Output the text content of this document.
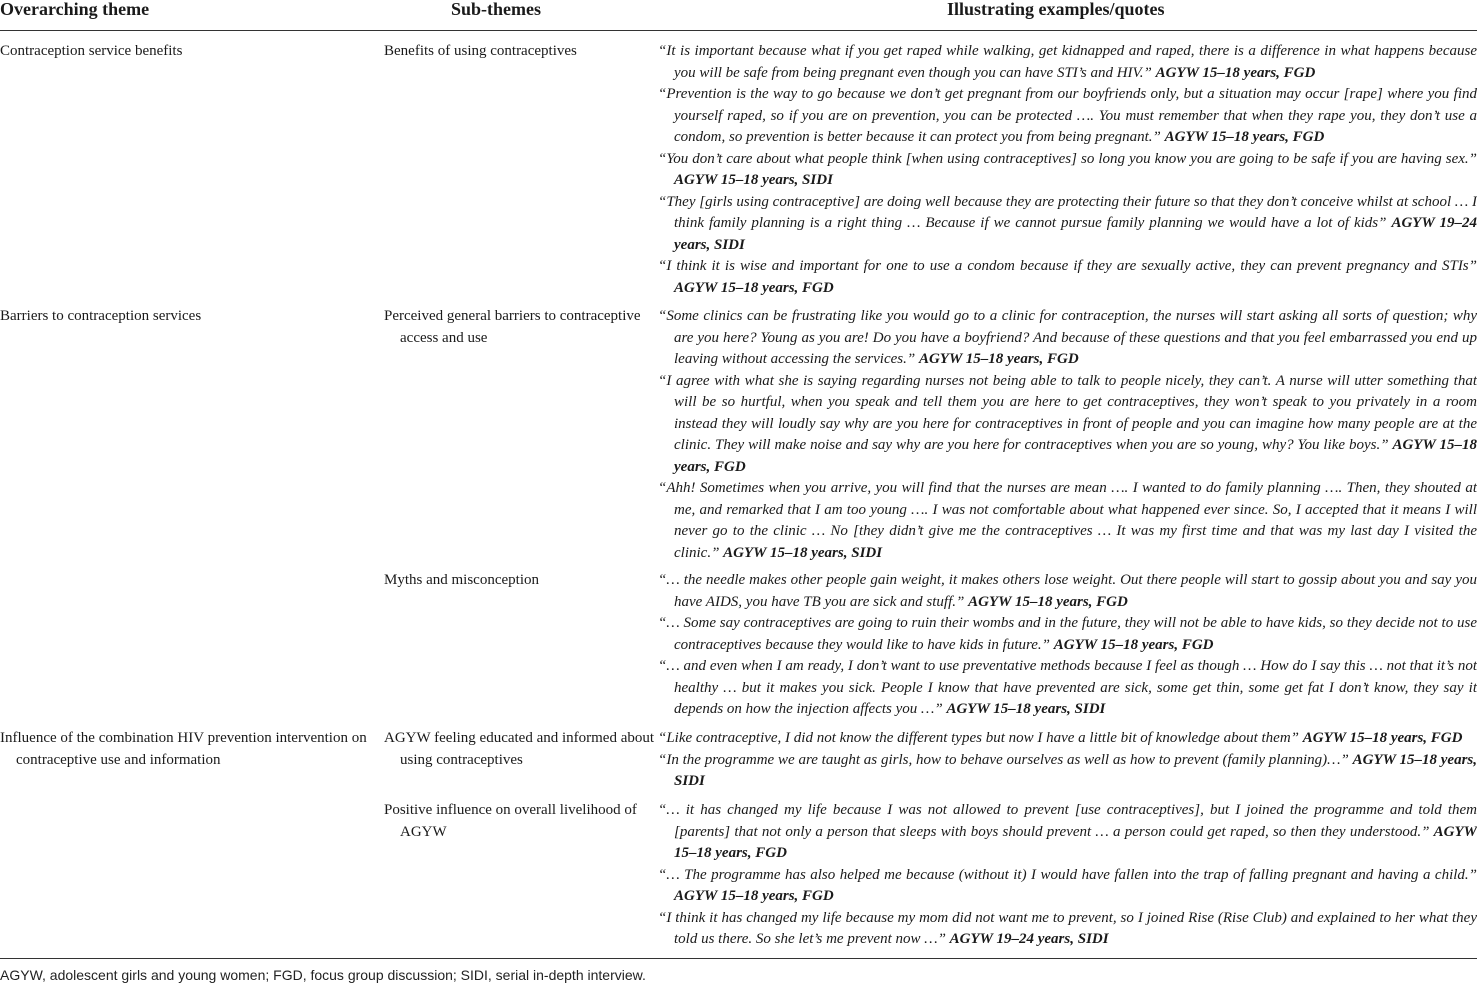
Overarching theme	Sub-themes	Illustrating examples/quotes
Contraception service benefits
Barriers to contraception services
Influence of the combination HIV prevention intervention on contraceptive use and information
Benefits of using contraceptives
Perceived general barriers to contraceptive access and use
Myths and misconception
AGYW feeling educated and informed about using contraceptives
Positive influence on overall livelihood of AGYW
“It is important because what if you get raped while walking, get kidnapped and raped, there is a difference in what happens because you will be safe from being pregnant even though you can have STI’s and HIV.” AGYW 15–18 years, FGD
“Prevention is the way to go because we don’t get pregnant from our boyfriends only, but a situation may occur [rape] where you find yourself raped, so if you are on prevention, you can be protected …. You must remember that when they rape you, they don’t use a condom, so prevention is better because it can protect you from being pregnant.” AGYW 15–18 years, FGD
“You don’t care about what people think [when using contraceptives] so long you know you are going to be safe if you are having sex.” AGYW 15–18 years, SIDI
“They [girls using contraceptive] are doing well because they are protecting their future so that they don’t conceive whilst at school … I think family planning is a right thing … Because if we cannot pursue family planning we would have a lot of kids” AGYW 19–24 years, SIDI
“I think it is wise and important for one to use a condom because if they are sexually active, they can prevent pregnancy and STIs” AGYW 15–18 years, FGD
“Some clinics can be frustrating like you would go to a clinic for contraception, the nurses will start asking all sorts of question; why are you here? Young as you are! Do you have a boyfriend? And because of these questions and that you feel embarrassed you end up leaving without accessing the services.” AGYW 15–18 years, FGD
“I agree with what she is saying regarding nurses not being able to talk to people nicely, they can’t. A nurse will utter something that will be so hurtful, when you speak and tell them you are here to get contraceptives, they won’t speak to you privately in a room instead they will loudly say why are you here for contraceptives in front of people and you can imagine how many people are at the clinic. They will make noise and say why are you here for contraceptives when you are so young, why? You like boys.” AGYW 15–18 years, FGD
“Ahh! Sometimes when you arrive, you will find that the nurses are mean …. I wanted to do family planning …. Then, they shouted at me, and remarked that I am too young …. I was not comfortable about what happened ever since. So, I accepted that it means I will never go to the clinic … No [they didn’t give me the contraceptives … It was my first time and that was my last day I visited the clinic.” AGYW 15–18 years, SIDI
“… the needle makes other people gain weight, it makes others lose weight. Out there people will start to gossip about you and say you have AIDS, you have TB you are sick and stuff.” AGYW 15–18 years, FGD
“… Some say contraceptives are going to ruin their wombs and in the future, they will not be able to have kids, so they decide not to use contraceptives because they would like to have kids in future.” AGYW 15–18 years, FGD
“… and even when I am ready, I don’t want to use preventative methods because I feel as though … How do I say this … not that it’s not healthy … but it makes you sick. People I know that have prevented are sick, some get thin, some get fat I don’t know, they say it depends on how the injection affects you …” AGYW 15–18 years, SIDI
“Like contraceptive, I did not know the different types but now I have a little bit of knowledge about them” AGYW 15–18 years, FGD
“In the programme we are taught as girls, how to behave ourselves as well as how to prevent (family planning)…” AGYW 15–18 years, SIDI
“… it has changed my life because I was not allowed to prevent [use contraceptives], but I joined the programme and told them [parents] that not only a person that sleeps with boys should prevent … a person could get raped, so then they understood.” AGYW 15–18 years, FGD
“… The programme has also helped me because (without it) I would have fallen into the trap of falling pregnant and having a child.” AGYW 15–18 years, FGD
“I think it has changed my life because my mom did not want me to prevent, so I joined Rise (Rise Club) and explained to her what they told us there. So she let’s me prevent now …” AGYW 19–24 years, SIDI
AGYW, adolescent girls and young women; FGD, focus group discussion; SIDI, serial in-depth interview.
